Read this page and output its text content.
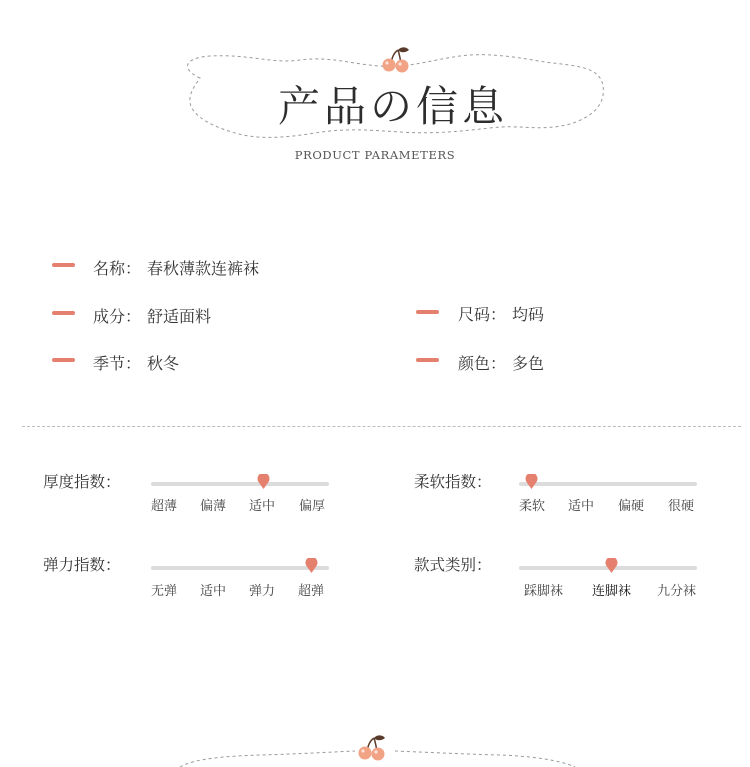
产品の信息
PRODUCT PARAMETERS
名称： 春秋薄款连裤袜
成分： 舒适面料	尺码： 均码
季节： 秋冬	颜色： 多色
厚度指数：
超薄 偏薄 适中 偏厚
柔软指数：
柔软 适中 偏硬 很硬
弹力指数：
无弹 适中 弹力 超弹
款式类别：
踩脚袜 连脚袜 九分袜
